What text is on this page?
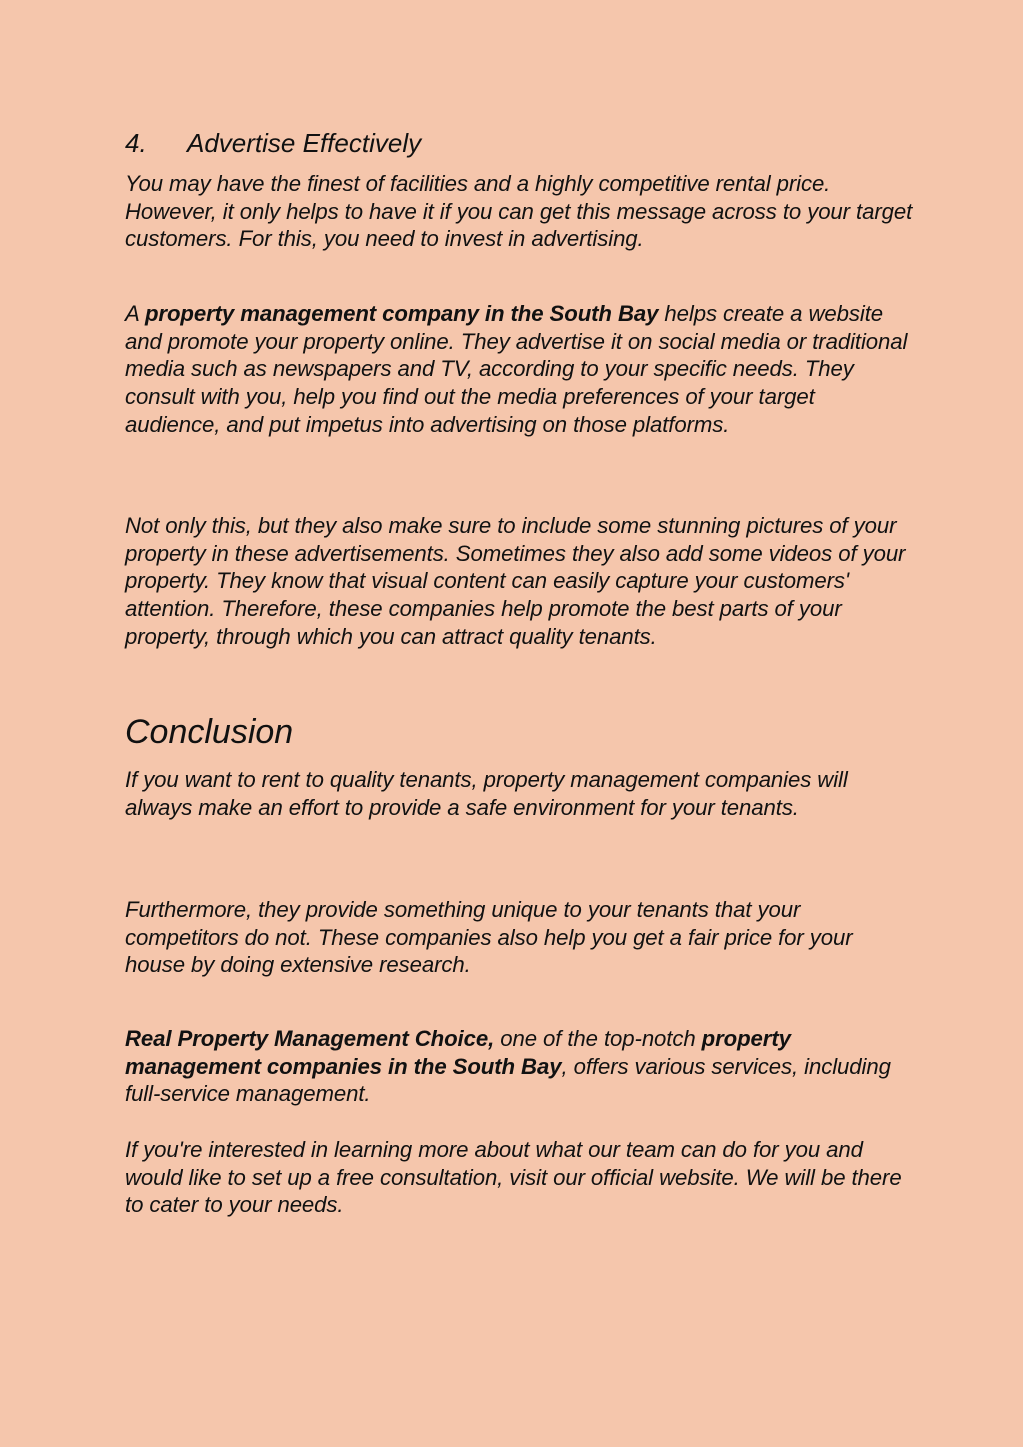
4. Advertise Effectively

You may have the finest of facilities and a highly competitive rental price. However, it only helps to have it if you can get this message across to your target customers. For this, you need to invest in advertising.

A property management company in the South Bay helps create a website and promote your property online. They advertise it on social media or traditional media such as newspapers and TV, according to your specific needs. They consult with you, help you find out the media preferences of your target audience, and put impetus into advertising on those platforms.

Not only this, but they also make sure to include some stunning pictures of your property in these advertisements. Sometimes they also add some videos of your property. They know that visual content can easily capture your customers' attention. Therefore, these companies help promote the best parts of your property, through which you can attract quality tenants.

Conclusion

If you want to rent to quality tenants, property management companies will always make an effort to provide a safe environment for your tenants.

Furthermore, they provide something unique to your tenants that your competitors do not. These companies also help you get a fair price for your house by doing extensive research.

Real Property Management Choice, one of the top-notch property management companies in the South Bay, offers various services, including full-service management.

If you're interested in learning more about what our team can do for you and would like to set up a free consultation, visit our official website. We will be there to cater to your needs.
